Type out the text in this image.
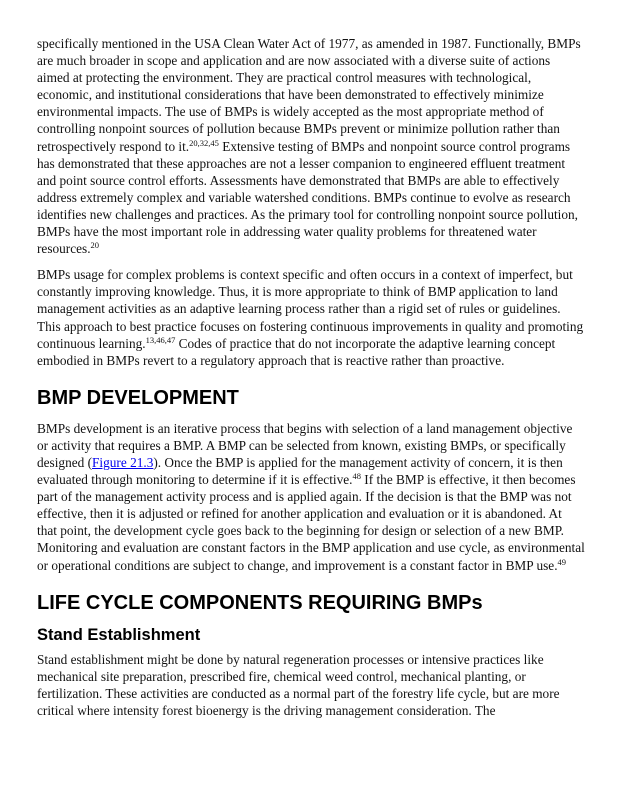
specifically mentioned in the USA Clean Water Act of 1977, as amended in 1987. Functionally, BMPs are much broader in scope and application and are now associated with a diverse suite of actions aimed at protecting the environment. They are practical control measures with technological, economic, and institutional considerations that have been demonstrated to effectively minimize environmental impacts. The use of BMPs is widely accepted as the most appropriate method of controlling nonpoint sources of pollution because BMPs prevent or minimize pollution rather than retrospectively respond to it.$^{20,32,45}$ Extensive testing of BMPs and nonpoint source control programs has demonstrated that these approaches are not a lesser companion to engineered effluent treatment and point source control efforts. Assessments have demonstrated that BMPs are able to effectively address extremely complex and variable watershed conditions. BMPs continue to evolve as research identifies new challenges and practices. As the primary tool for controlling nonpoint source pollution, BMPs have the most important role in addressing water quality problems for threatened water resources.$^{20}$

BMPs usage for complex problems is context specific and often occurs in a context of imperfect, but constantly improving knowledge. Thus, it is more appropriate to think of BMP application to land management activities as an adaptive learning process rather than a rigid set of rules or guidelines. This approach to best practice focuses on fostering continuous improvements in quality and promoting continuous learning.$^{13,46,47}$ Codes of practice that do not incorporate the adaptive learning concept embodied in BMPs revert to a regulatory approach that is reactive rather than proactive.

BMP DEVELOPMENT

BMPs development is an iterative process that begins with selection of a land management objective or activity that requires a BMP. A BMP can be selected from known, existing BMPs, or specifically designed (Figure 21.3). Once the BMP is applied for the management activity of concern, it is then evaluated through monitoring to determine if it is effective.$^{48}$ If the BMP is effective, it then becomes part of the management activity process and is applied again. If the decision is that the BMP was not effective, then it is adjusted or refined for another application and evaluation or it is abandoned. At that point, the development cycle goes back to the beginning for design or selection of a new BMP. Monitoring and evaluation are constant factors in the BMP application and use cycle, as environmental or operational conditions are subject to change, and improvement is a constant factor in BMP use.$^{49}$

LIFE CYCLE COMPONENTS REQUIRING BMPs
Stand Establishment

Stand establishment might be done by natural regeneration processes or intensive practices like mechanical site preparation, prescribed fire, chemical weed control, mechanical planting, or fertilization. These activities are conducted as a normal part of the forestry life cycle, but are more critical where intensity forest bioenergy is the driving management consideration. The
